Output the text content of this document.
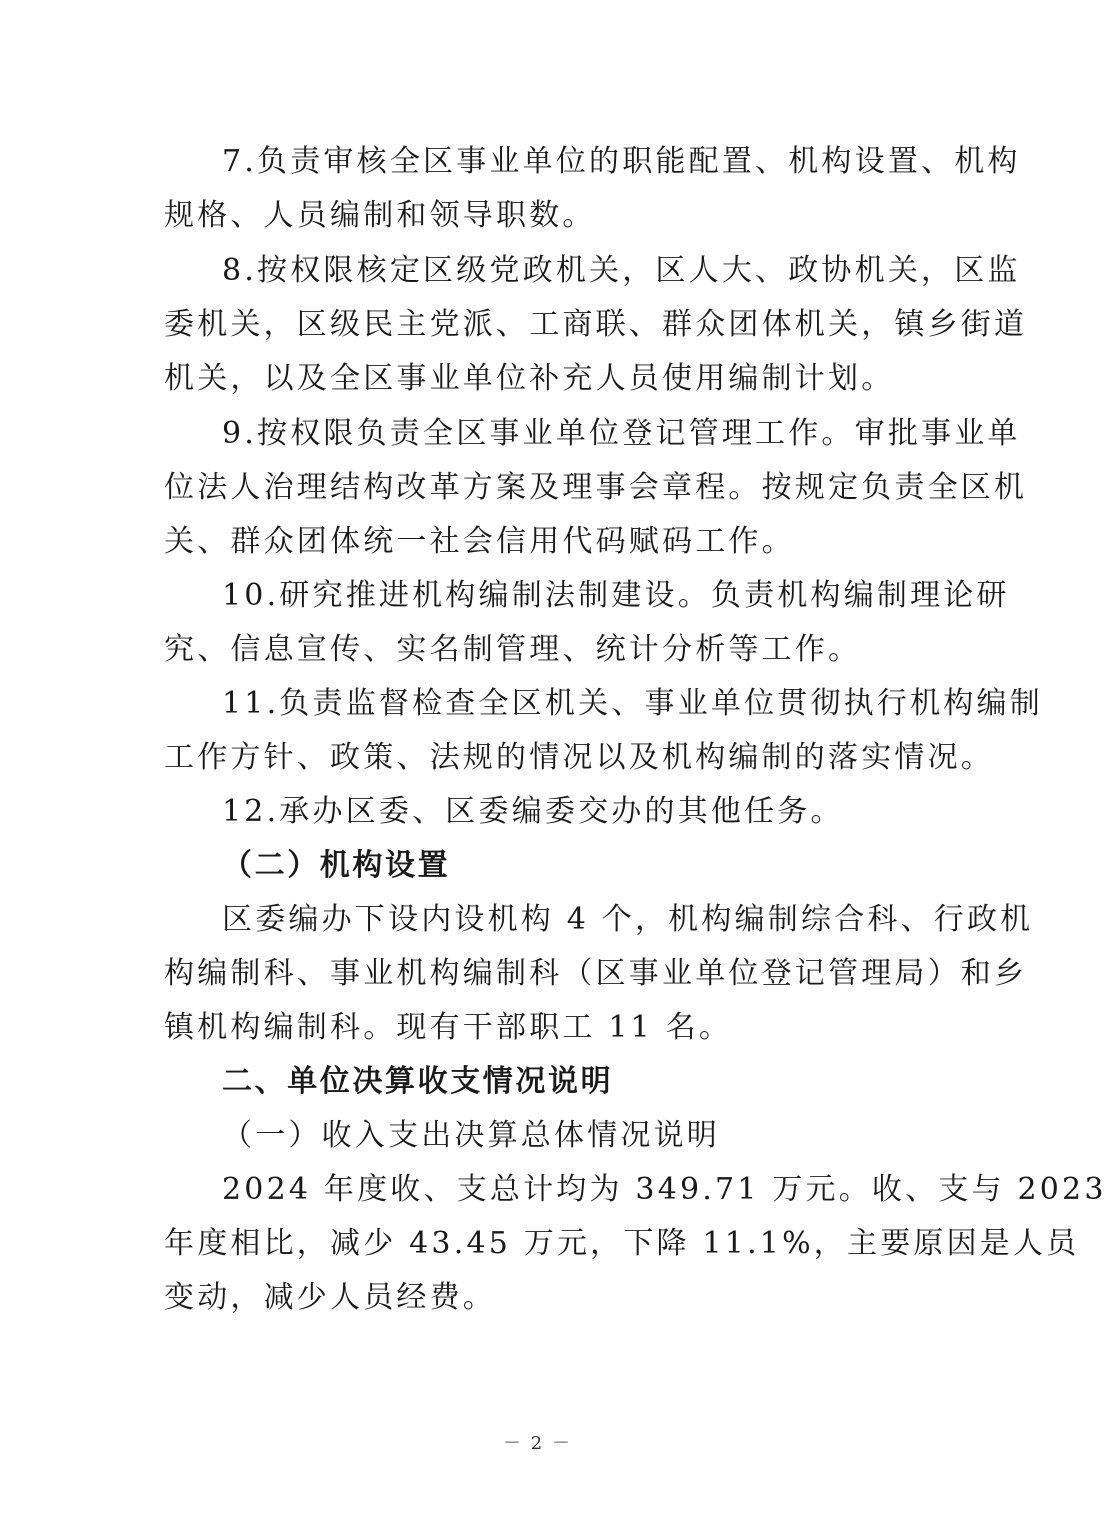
7.负责审核全区事业单位的职能配置、机构设置、机构
规格、人员编制和领导职数。
8.按权限核定区级党政机关，区人大、政协机关，区监
委机关，区级民主党派、工商联、群众团体机关，镇乡街道
机关，以及全区事业单位补充人员使用编制计划。
9.按权限负责全区事业单位登记管理工作。审批事业单
位法人治理结构改革方案及理事会章程。按规定负责全区机
关、群众团体统一社会信用代码赋码工作。
10.研究推进机构编制法制建设。负责机构编制理论研
究、信息宣传、实名制管理、统计分析等工作。
11.负责监督检查全区机关、事业单位贯彻执行机构编制
工作方针、政策、法规的情况以及机构编制的落实情况。
12.承办区委、区委编委交办的其他任务。
（二）机构设置
区委编办下设内设机构 4 个，机构编制综合科、行政机
构编制科、事业机构编制科（区事业单位登记管理局）和乡
镇机构编制科。现有干部职工 11 名。
二、单位决算收支情况说明
（一）收入支出决算总体情况说明
2024 年度收、支总计均为 349.71 万元。收、支与 2023
年度相比，减少 43.45 万元，下降 11.1%，主要原因是人员
变动，减少人员经费。
－ 2 －
